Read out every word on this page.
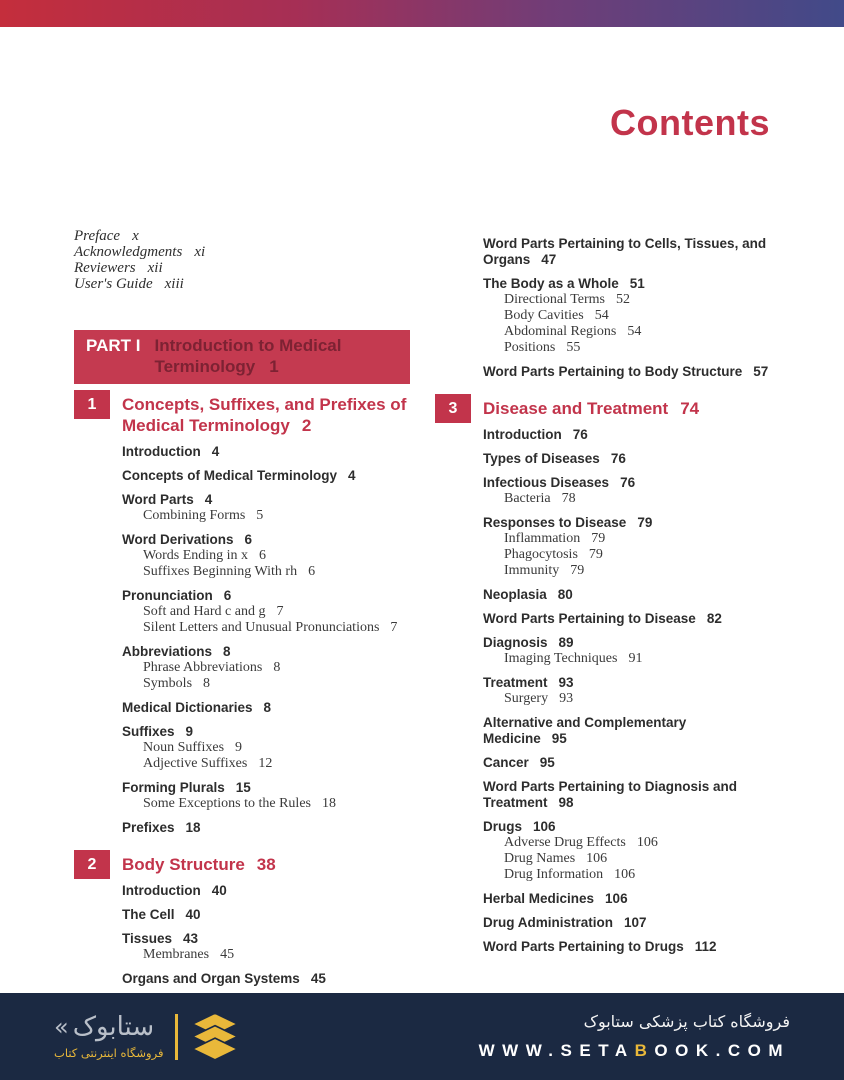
Contents
Preface x
Acknowledgments xi
Reviewers xii
User's Guide xiii
PART I Introduction to Medical Terminology 1
1	Concepts, Suffixes, and Prefixes of Medical Terminology 2
Introduction 4
Concepts of Medical Terminology 4
Word Parts 4
Combining Forms 5
Word Derivations 6
Words Ending in x 6
Suffixes Beginning With rh 6
Pronunciation 6
Soft and Hard c and g 7
Silent Letters and Unusual Pronunciations 7
Abbreviations 8
Phrase Abbreviations 8
Symbols 8
Medical Dictionaries 8
Suffixes 9
Noun Suffixes 9
Adjective Suffixes 12
Forming Plurals 15
Some Exceptions to the Rules 18
Prefixes 18
2	Body Structure 38
Introduction 40
The Cell 40
Tissues 43
Membranes 45
Organs and Organ Systems 45
Word Parts Pertaining to Cells, Tissues, and Organs 47
The Body as a Whole 51
Directional Terms 52
Body Cavities 54
Abdominal Regions 54
Positions 55
Word Parts Pertaining to Body Structure 57
3	Disease and Treatment 74
Introduction 76
Types of Diseases 76
Infectious Diseases 76
Bacteria 78
Responses to Disease 79
Inflammation 79
Phagocytosis 79
Immunity 79
Neoplasia 80
Word Parts Pertaining to Disease 82
Diagnosis 89
Imaging Techniques 91
Treatment 93
Surgery 93
Alternative and Complementary Medicine 95
Cancer 95
Word Parts Pertaining to Diagnosis and Treatment 98
Drugs 106
Adverse Drug Effects 106
Drug Names 106
Drug Information 106
Herbal Medicines 106
Drug Administration 107
Word Parts Pertaining to Drugs 112
« ستابوک
فروشگاه اینترنتی کتاب
فروشگاه کتاب پزشکی ستابوک
WWW.SETABOOK.COM
